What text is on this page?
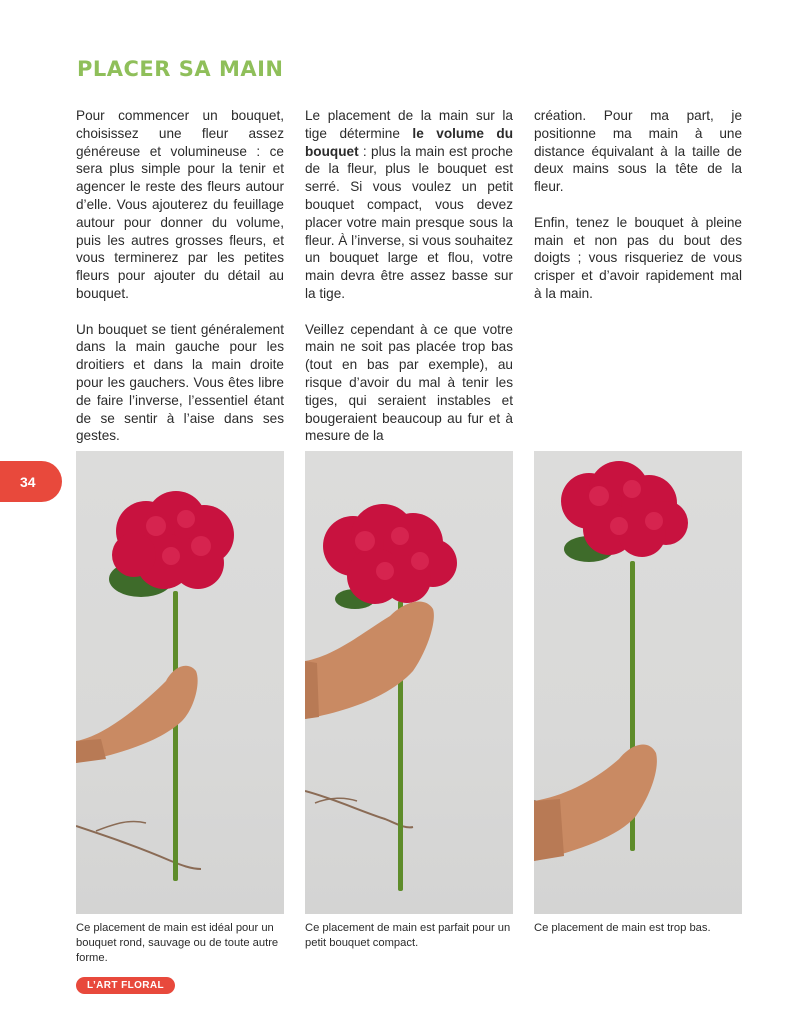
PLACER SA MAIN

Pour commencer un bouquet, choisissez une fleur assez généreuse et volumineuse : ce sera plus simple pour la tenir et agencer le reste des fleurs autour d’elle. Vous ajouterez du feuillage autour pour donner du volume, puis les autres grosses fleurs, et vous terminerez par les petites fleurs pour ajouter du détail au bouquet.

Un bouquet se tient généralement dans la main gauche pour les droitiers et dans la main droite pour les gauchers. Vous êtes libre de faire l’inverse, l’essentiel étant de se sentir à l’aise dans ses gestes.

Le placement de la main sur la tige détermine le volume du bouquet : plus la main est proche de la fleur, plus le bouquet est serré. Si vous voulez un petit bouquet compact, vous devez placer votre main presque sous la fleur. À l’inverse, si vous souhaitez un bouquet large et flou, votre main devra être assez basse sur la tige.

Veillez cependant à ce que votre main ne soit pas placée trop bas (tout en bas par exemple), au risque d’avoir du mal à tenir les tiges, qui seraient instables et bougeraient beaucoup au fur et à mesure de la

création. Pour ma part, je positionne ma main à une distance équivalant à la taille de deux mains sous la tête de la fleur.

Enfin, tenez le bouquet à pleine main et non pas du bout des doigts ; vous risqueriez de vous crisper et d’avoir rapidement mal à la main.

34
Ce placement de main est idéal pour un bouquet rond, sauvage ou de toute autre forme.
Ce placement de main est parfait pour un petit bouquet compact.
Ce placement de main est trop bas.
L’ART FLORAL
